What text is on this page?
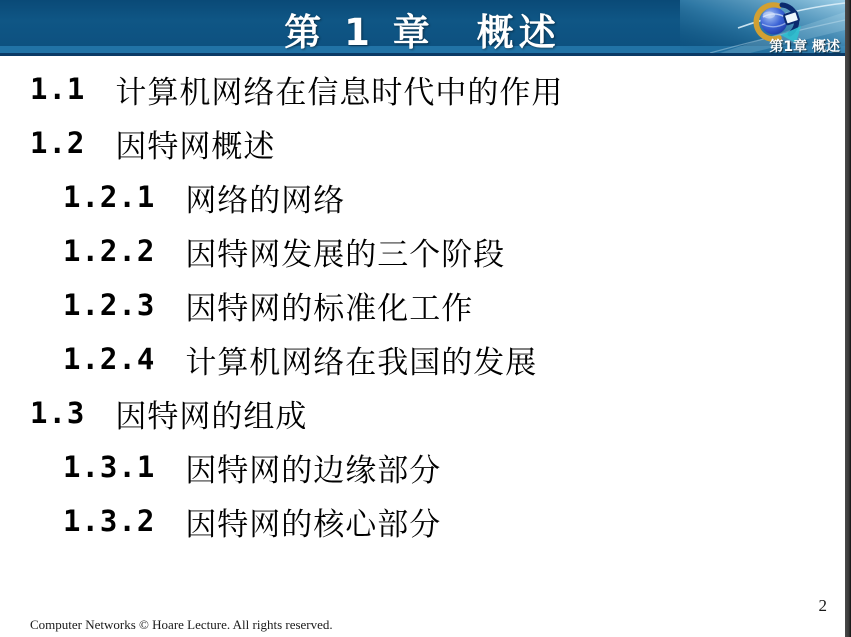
第 1 章　概述	第1章 概述
1.1 计算机网络在信息时代中的作用
1.2 因特网概述
1.2.1 网络的网络
1.2.2 因特网发展的三个阶段
1.2.3 因特网的标准化工作
1.2.4 计算机网络在我国的发展
1.3 因特网的组成
1.3.1 因特网的边缘部分
1.3.2 因特网的核心部分
Computer Networks © Hoare Lecture. All rights reserved.
2
